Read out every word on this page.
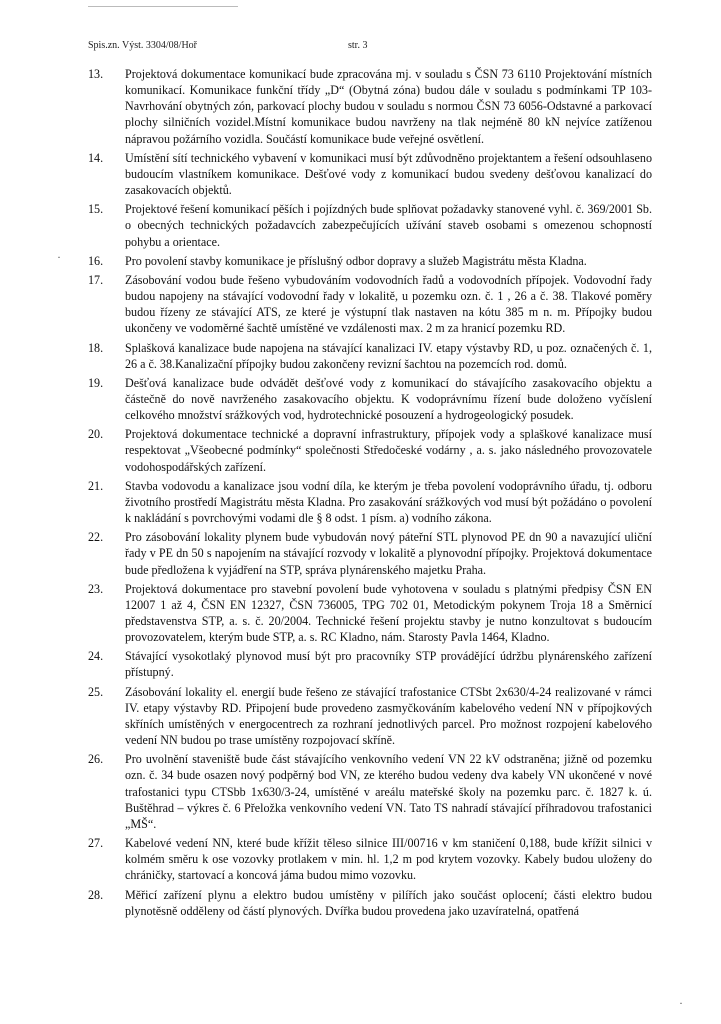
Spis.zn. Výst. 3304/08/Hoř	str. 3
13. Projektová dokumentace komunikací bude zpracována mj. v souladu s ČSN 73 6110 Projektování místních komunikací. Komunikace funkční třídy „D“ (Obytná zóna) budou dále v souladu s podmínkami TP 103-Navrhování obytných zón, parkovací plochy budou v souladu s normou ČSN 73 6056-Odstavné a parkovací plochy silničních vozidel.Místní komunikace budou navrženy na tlak nejméně 80 kN nejvíce zatíženou nápravou požárního vozidla. Součástí komunikace bude veřejné osvětlení.
14. Umístění sítí technického vybavení v komunikaci musí být zdůvodněno projektantem a řešení odsouhlaseno budoucím vlastníkem komunikace. Dešťové vody z komunikací budou svedeny dešťovou kanalizací do zasakovacích objektů.
15. Projektové řešení komunikací pěších i pojízdných bude splňovat požadavky stanovené vyhl. č. 369/2001 Sb. o obecných technických požadavcích zabezpečujících užívání staveb osobami s omezenou schopností pohybu a orientace.
16. Pro povolení stavby komunikace je příslušný odbor dopravy a služeb Magistrátu města Kladna.
17. Zásobování vodou bude řešeno vybudováním vodovodních řadů a vodovodních přípojek. Vodovodní řady budou napojeny na stávající vodovodní řady v lokalitě, u pozemku ozn. č. 1 , 26 a č. 38. Tlakové poměry budou řízeny ze stávající ATS, ze které je výstupní tlak nastaven na kótu 385 m n. m. Přípojky budou ukončeny ve vodoměrné šachtě umístěné ve vzdálenosti max. 2 m za hranicí pozemku RD.
18. Splašková kanalizace bude napojena na stávající kanalizaci IV. etapy výstavby RD, u poz. označených č. 1, 26 a č. 38.Kanalizační přípojky budou zakončeny revizní šachtou na pozemcích rod. domů.
19. Dešťová kanalizace bude odvádět dešťové vody z komunikací do stávajícího zasakovacího objektu a částečně do nově navrženého zasakovacího objektu. K vodoprávnímu řízení bude doloženo vyčíslení celkového množství srážkových vod, hydrotechnické posouzení a hydrogeologický posudek.
20. Projektová dokumentace technické a dopravní infrastruktury, přípojek vody a splaškové kanalizace musí respektovat „Všeobecné podmínky“ společnosti Středočeské vodárny , a. s. jako následného provozovatele vodohospodářských zařízení.
21. Stavba vodovodu a kanalizace jsou vodní díla, ke kterým je třeba povolení vodoprávního úřadu, tj. odboru životního prostředí Magistrátu města Kladna. Pro zasakování srážkových vod musí být požádáno o povolení k nakládání s povrchovými vodami dle § 8 odst. 1 písm. a) vodního zákona.
22. Pro zásobování lokality plynem bude vybudován nový páteřní STL plynovod PE dn 90 a navazující uliční řady v PE dn 50 s napojením na stávající rozvody v lokalitě a plynovodní přípojky. Projektová dokumentace bude předložena k vyjádření na STP, správa plynárenského majetku Praha.
23. Projektová dokumentace pro stavební povolení bude vyhotovena v souladu s platnými předpisy ČSN EN 12007 1 až 4, ČSN EN 12327, ČSN 736005, TPG 702 01, Metodickým pokynem Troja 18 a Směrnicí představenstva STP, a. s. č. 20/2004. Technické řešení projektu stavby je nutno konzultovat s budoucím provozovatelem, kterým bude STP, a. s. RC Kladno, nám. Starosty Pavla 1464, Kladno.
24. Stávající vysokotlaký plynovod musí být pro pracovníky STP provádějící údržbu plynárenského zařízení přístupný.
25. Zásobování lokality el. energií bude řešeno ze stávající trafostanice CTSbt 2x630/4-24 realizované v rámci IV. etapy výstavby RD. Připojení bude provedeno zasmyčkováním kabelového vedení NN v přípojkových skříních umístěných v energocentrech za rozhraní jednotlivých parcel. Pro možnost rozpojení kabelového vedení NN budou po trase umístěny rozpojovací skříně.
26. Pro uvolnění staveniště bude část stávajícího venkovního vedení VN 22 kV odstraněna; jižně od pozemku ozn. č. 34 bude osazen nový podpěrný bod VN, ze kterého budou vedeny dva kabely VN ukončené v nové trafostanici typu CTSbb 1x630/3-24, umístěné v areálu mateřské školy na pozemku parc. č. 1827 k. ú. Buštěhrad – výkres č. 6 Přeložka venkovního vedení VN. Tato TS nahradí stávající příhradovou trafostanici „MŠ“.
27. Kabelové vedení NN, které bude křížit těleso silnice III/00716 v km staničení 0,188, bude křížit silnici v kolmém směru k ose vozovky protlakem v min. hl. 1,2 m pod krytem vozovky. Kabely budou uloženy do chráničky, startovací a koncová jáma budou mimo vozovku.
28. Měřicí zařízení plynu a elektro budou umístěny v pilířích jako součást oplocení; části elektro budou plynotěsně odděleny od částí plynových. Dvířka budou provedena jako uzavíratelná, opatřená
·
·
